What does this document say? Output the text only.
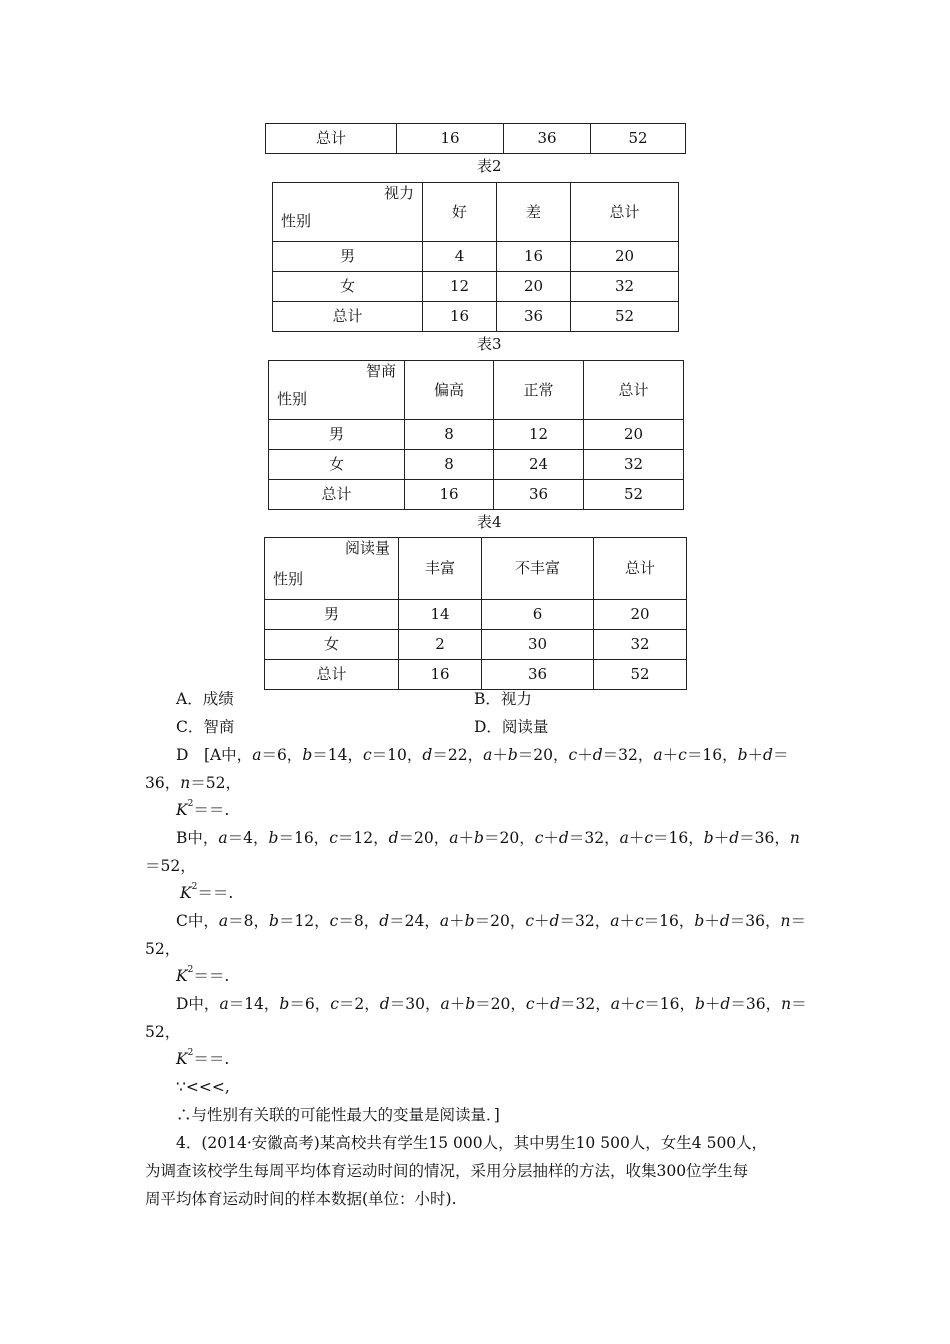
总计	16	36	52
表2
视力
性别	好	差	总计
男	4	16	20
女	12	20	32
总计	16	36	52
表3
智商
性别	偏高	正常	总计
男	8	12	20
女	8	24	32
总计	16	36	52
表4
阅读量
性别	丰富	不丰富	总计
男	14	6	20
女	2	30	32
总计	16	36	52
A．成绩	B．视力
C．智商	D．阅读量
D　[A中，a＝6，b＝14，c＝10，d＝22，a＋b＝20，c＋d＝32，a＋c＝16，b＋d＝
36，n＝52，
$K^2==$.
B中，a＝4，b＝16，c＝12，d＝20，a＋b＝20，c＋d＝32，a＋c＝16，b＋d＝36，n
＝52，
$K^2==$.
C中，a＝8，b＝12，c＝8，d＝24，a＋b＝20，c＋d＝32，a＋c＝16，b＋d＝36，n＝
52，
$K^2==$.
D中，a＝14，b＝6，c＝2，d＝30，a＋b＝20，c＋d＝32，a＋c＝16，b＋d＝36，n＝
52，
$K^2==$.
∵<<<,
∴与性别有关联的可能性最大的变量是阅读量．]
4．(2014·安徽高考)某高校共有学生15 000人，其中男生10 500人，女生4 500人，
为调查该校学生每周平均体育运动时间的情况，采用分层抽样的方法，收集300位学生每
周平均体育运动时间的样本数据(单位：小时).
